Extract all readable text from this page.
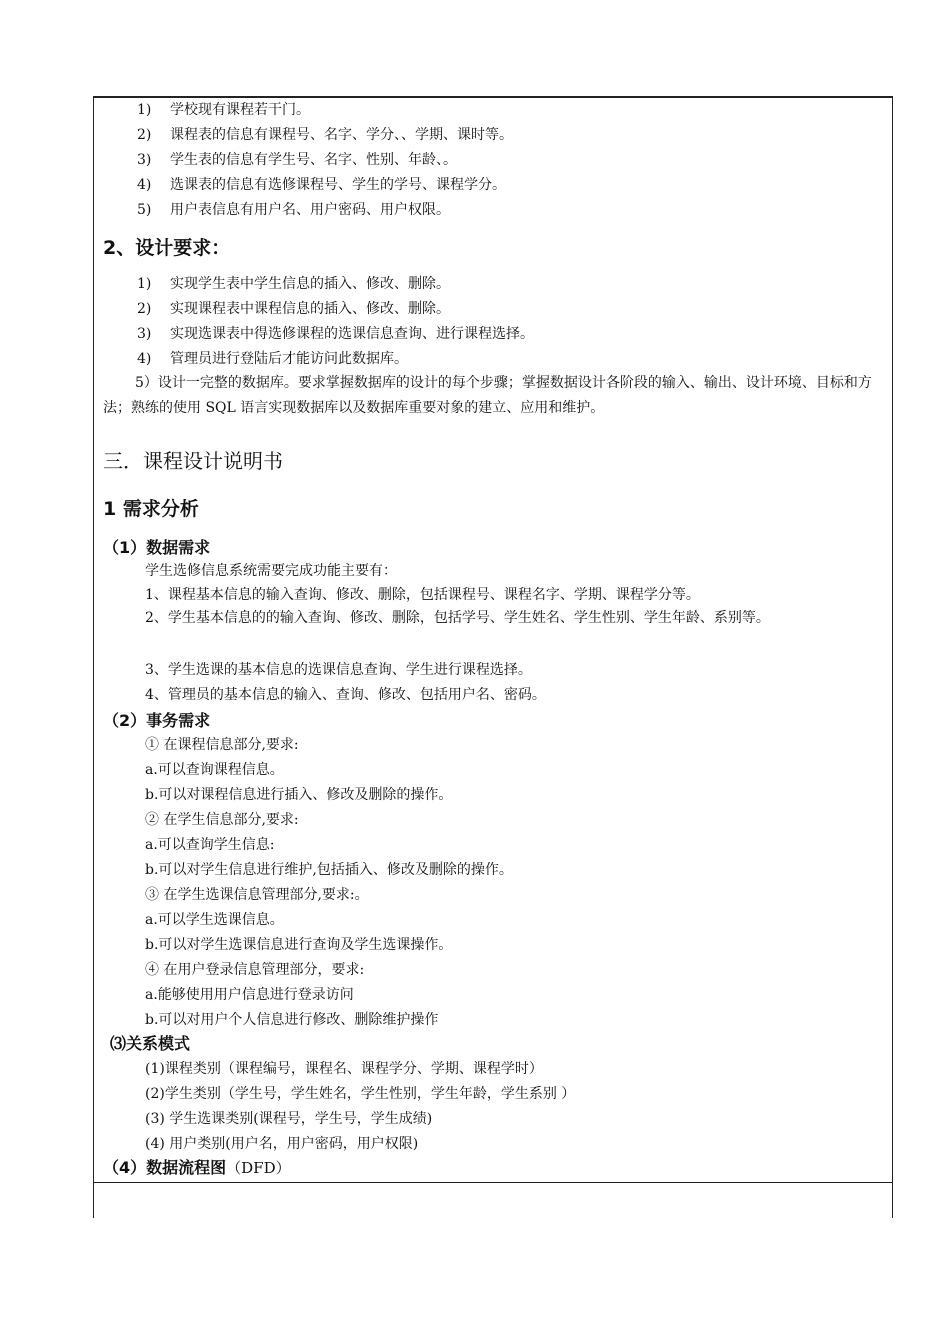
1) 学校现有课程若干门。
2) 课程表的信息有课程号、名字、学分、、学期、课时等。
3) 学生表的信息有学生号、名字、性别、年龄、。
4) 选课表的信息有选修课程号、学生的学号、课程学分。
5) 用户表信息有用户名、用户密码、用户权限。
2、设计要求：
1) 实现学生表中学生信息的插入、修改、删除。
2) 实现课程表中课程信息的插入、修改、删除。
3) 实现选课表中得选修课程的选课信息查询、进行课程选择。
4) 管理员进行登陆后才能访问此数据库。
5）设计一完整的数据库。要求掌握数据库的设计的每个步骤；掌握数据设计各阶段的输入、输出、设计环境、目标和方法；熟练的使用 SQL 语言实现数据库以及数据库重要对象的建立、应用和维护。
三．课程设计说明书
1 需求分析
（1）数据需求
学生选修信息系统需要完成功能主要有：
1、课程基本信息的输入查询、修改、删除，包括课程号、课程名字、学期、课程学分等。
2、学生基本信息的的输入查询、修改、删除，包括学号、学生姓名、学生性别、学生年龄、系别等。
3、学生选课的基本信息的选课信息查询、学生进行课程选择。
4、管理员的基本信息的输入、查询、修改、包括用户名、密码。
（2）事务需求
① 在课程信息部分,要求:
a.可以查询课程信息。
b.可以对课程信息进行插入、修改及删除的操作。
② 在学生信息部分,要求:
a.可以查询学生信息:
b.可以对学生信息进行维护,包括插入、修改及删除的操作。
③ 在学生选课信息管理部分,要求:。
a.可以学生选课信息。
b.可以对学生选课信息进行查询及学生选课操作。
④ 在用户登录信息管理部分，要求:
a.能够使用用户信息进行登录访问
b.可以对用户个人信息进行修改、删除维护操作
⑶关系模式
(1)课程类别（课程编号，课程名、课程学分、学期、课程学时）
(2)学生类别（学生号，学生姓名，学生性别，学生年龄，学生系别 ）
(3) 学生选课类别(课程号，学生号，学生成绩)
(4) 用户类别(用户名，用户密码，用户权限)
（4）数据流程图（DFD）
